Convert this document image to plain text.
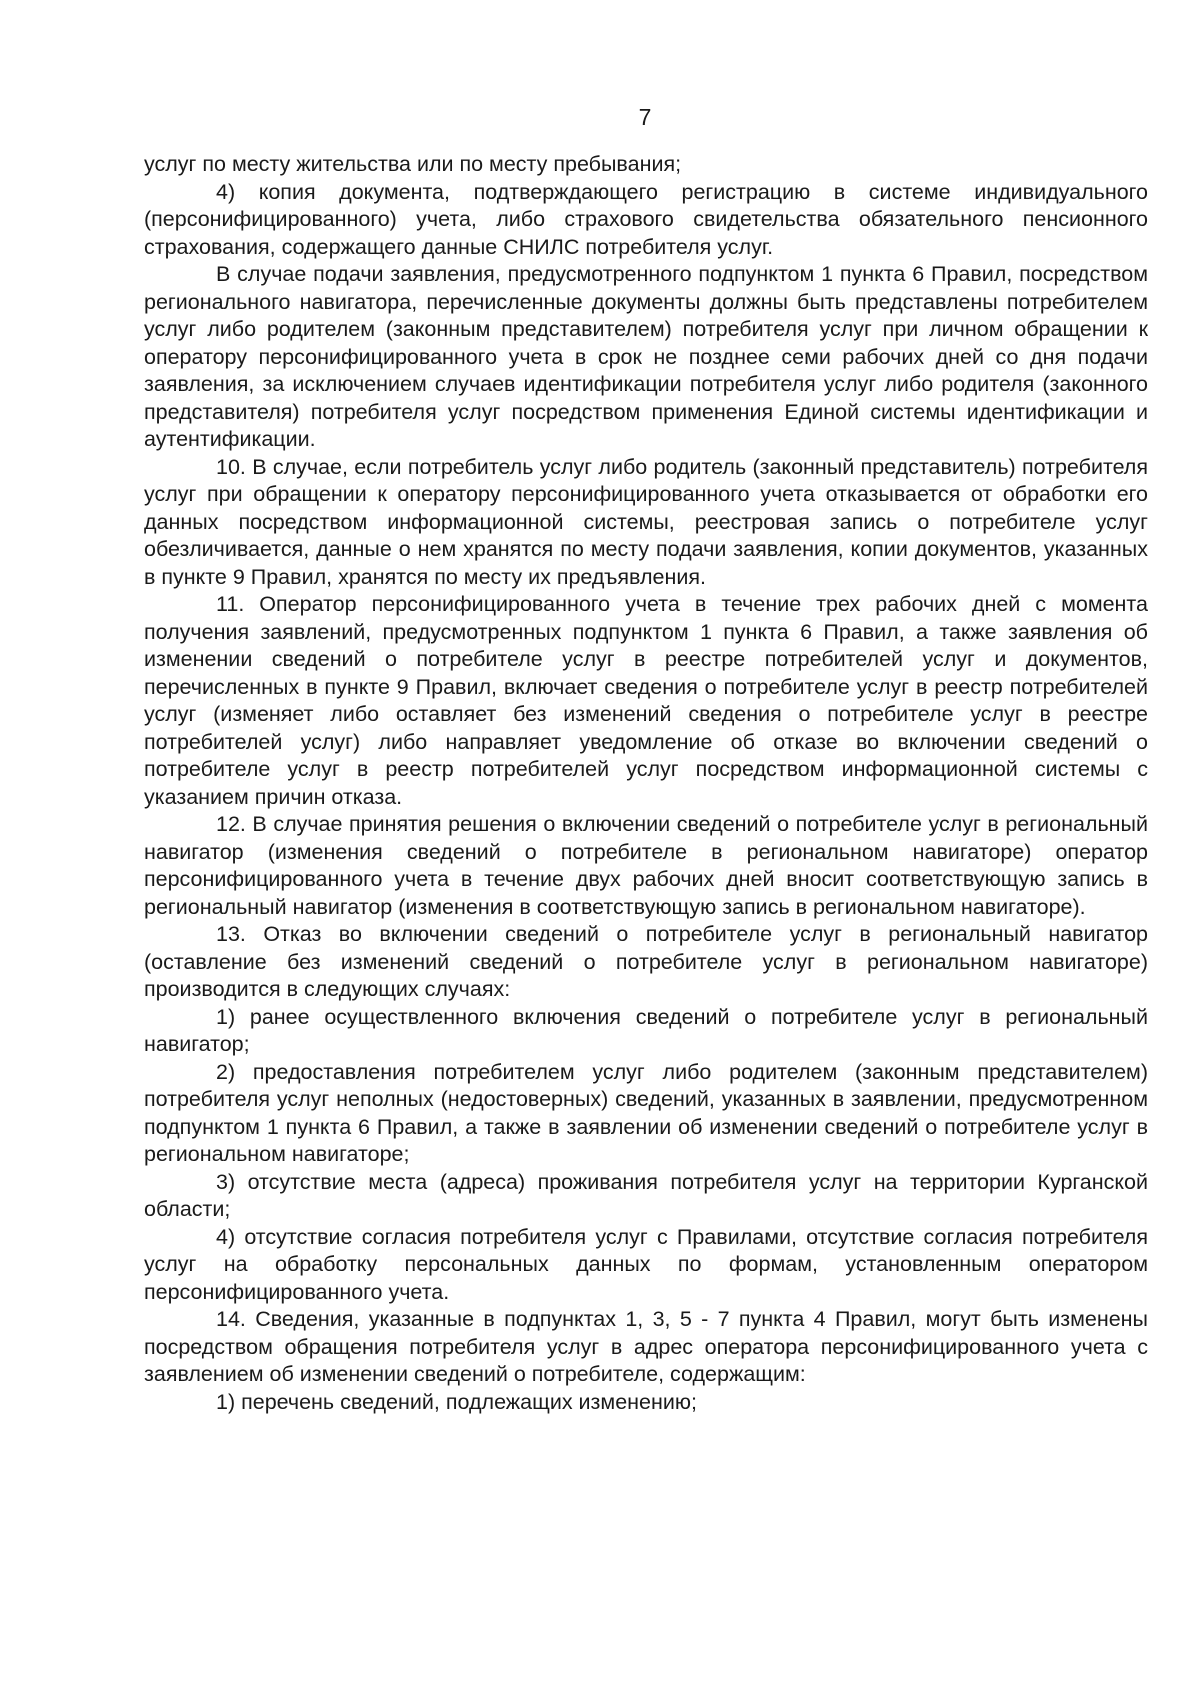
7

услуг по месту жительства или по месту пребывания;

4) копия документа, подтверждающего регистрацию в системе индивидуального (персонифицированного) учета, либо страхового свидетельства обязательного пенсионного страхования, содержащего данные СНИЛС потребителя услуг.

В случае подачи заявления, предусмотренного подпунктом 1 пункта 6 Правил, посредством регионального навигатора, перечисленные документы должны быть представлены потребителем услуг либо родителем (законным представителем) потребителя услуг при личном обращении к оператору персонифицированного учета в срок не позднее семи рабочих дней со дня подачи заявления, за исключением случаев идентификации потребителя услуг либо родителя (законного представителя) потребителя услуг посредством применения Единой системы идентификации и аутентификации.

10. В случае, если потребитель услуг либо родитель (законный представитель) потребителя услуг при обращении к оператору персонифицированного учета отказывается от обработки его данных посредством информационной системы, реестровая запись о потребителе услуг обезличивается, данные о нем хранятся по месту подачи заявления, копии документов, указанных в пункте 9 Правил, хранятся по месту их предъявления.

11. Оператор персонифицированного учета в течение трех рабочих дней с момента получения заявлений, предусмотренных подпунктом 1 пункта 6 Правил, а также заявления об изменении сведений о потребителе услуг в реестре потребителей услуг и документов, перечисленных в пункте 9 Правил, включает сведения о потребителе услуг в реестр потребителей услуг (изменяет либо оставляет без изменений сведения о потребителе услуг в реестре потребителей услуг) либо направляет уведомление об отказе во включении сведений о потребителе услуг в реестр потребителей услуг посредством информационной системы с указанием причин отказа.

12. В случае принятия решения о включении сведений о потребителе услуг в региональный навигатор (изменения сведений о потребителе в региональном навигаторе) оператор персонифицированного учета в течение двух рабочих дней вносит соответствующую запись в региональный навигатор (изменения в соответствующую запись в региональном навигаторе).

13. Отказ во включении сведений о потребителе услуг в региональный навигатор (оставление без изменений сведений о потребителе услуг в региональном навигаторе) производится в следующих случаях:

1) ранее осуществленного включения сведений о потребителе услуг в региональный навигатор;

2) предоставления потребителем услуг либо родителем (законным представителем) потребителя услуг неполных (недостоверных) сведений, указанных в заявлении, предусмотренном подпунктом 1 пункта 6 Правил, а также в заявлении об изменении сведений о потребителе услуг в региональном навигаторе;

3) отсутствие места (адреса) проживания потребителя услуг на территории Курганской области;

4) отсутствие согласия потребителя услуг с Правилами, отсутствие согласия потребителя услуг на обработку персональных данных по формам, установленным оператором персонифицированного учета.

14. Сведения, указанные в подпунктах 1, 3, 5 - 7 пункта 4 Правил, могут быть изменены посредством обращения потребителя услуг в адрес оператора персонифицированного учета с заявлением об изменении сведений о потребителе, содержащим:

1) перечень сведений, подлежащих изменению;
